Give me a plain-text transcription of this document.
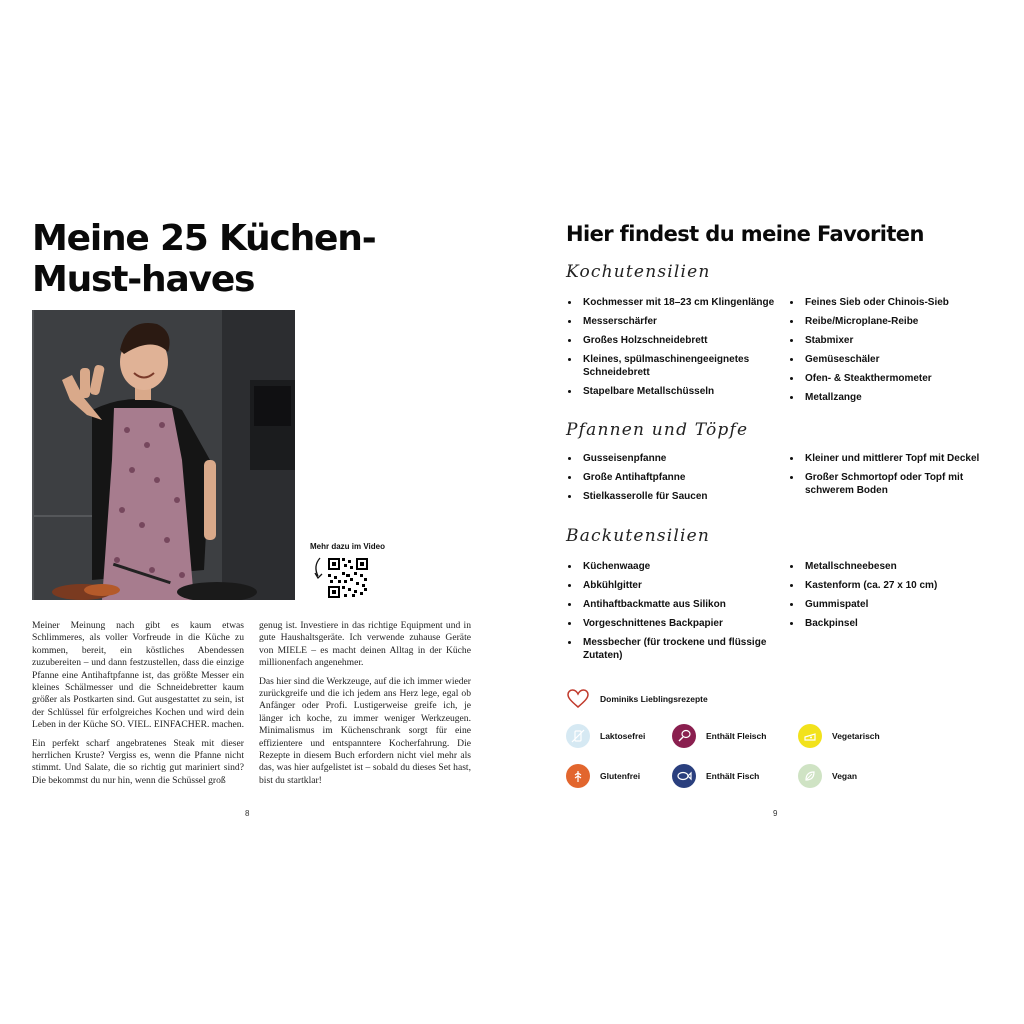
Meine 25 Küchen-
Must-haves
Mehr dazu im Video

Meiner Meinung nach gibt es kaum etwas Schlimmeres, als voller Vorfreude in die Küche zu kommen, bereit, ein köstliches Abendessen zuzubereiten – und dann festzustellen, dass die einzige Pfanne eine Antihaftpfanne ist, das größte Messer ein kleines Schälmesser und die Schneidebretter kaum größer als Postkarten sind. Gut ausgestattet zu sein, ist der Schlüssel für erfolgreiches Kochen und wird dein Leben in der Küche SO. VIEL. EINFACHER. machen.

Ein perfekt scharf angebratenes Steak mit dieser herrlichen Kruste? Vergiss es, wenn die Pfanne nicht stimmt. Und Salate, die so richtig gut mariniert sind? Die bekommst du nur hin, wenn die Schüssel groß

genug ist. Investiere in das richtige Equipment und in gute Haushaltsgeräte. Ich verwende zuhause Geräte von MIELE – es macht deinen Alltag in der Küche millionenfach angenehmer.

Das hier sind die Werkzeuge, auf die ich immer wieder zurückgreife und die ich jedem ans Herz lege, egal ob Anfänger oder Profi. Lustigerweise greife ich, je länger ich koche, zu immer weniger Werkzeugen. Minimalismus im Küchenschrank sorgt für eine effizientere und entspanntere Kocherfahrung. Die Rezepte in diesem Buch erfordern nicht viel mehr als das, was hier aufgelistet ist – sobald du dieses Set hast, bist du startklar!

8
Hier findest du meine Favoriten
Kochutensilien
Kochmesser mit 18–23 cm Klingenlänge
Messerschärfer
Großes Holzschneidebrett
Kleines, spülmaschinengeeignetes Schneidebrett
Stapelbare Metallschüsseln
Feines Sieb oder Chinois-Sieb
Reibe/Microplane-Reibe
Stabmixer
Gemüseschäler
Ofen- & Steakthermometer
Metallzange
Pfannen und Töpfe
Gusseisenpfanne
Große Antihaftpfanne
Stielkasserolle für Saucen
Kleiner und mittlerer Topf mit Deckel
Großer Schmortopf oder Topf mit schwerem Boden
Backutensilien
Küchenwaage
Abkühlgitter
Antihaftbackmatte aus Silikon
Vorgeschnittenes Backpapier
Messbecher (für trockene und flüssige Zutaten)
Metallschneebesen
Kastenform (ca. 27 x 10 cm)
Gummispatel
Backpinsel
Dominiks Lieblingsrezepte
Laktosefrei	Enthält Fleisch	Vegetarisch
Glutenfrei	Enthält Fisch	Vegan
9
